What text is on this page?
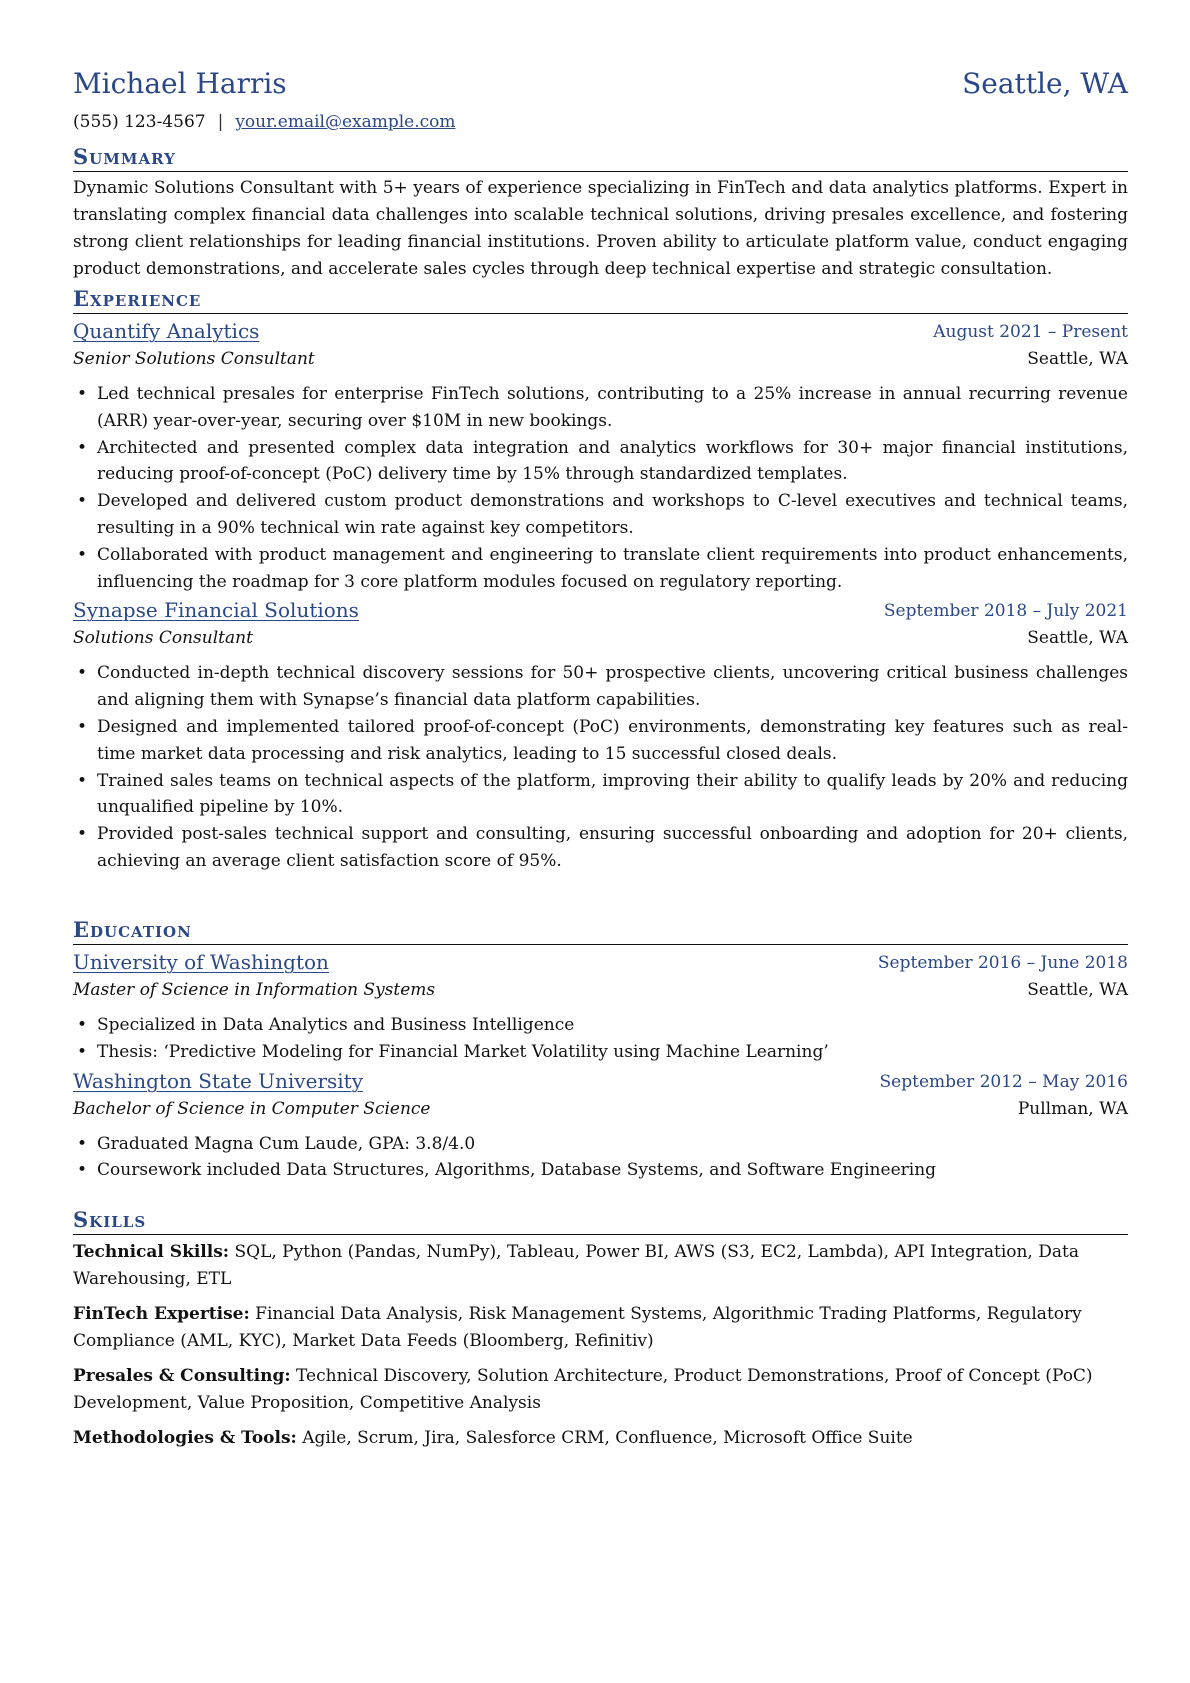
Michael Harris	Seattle, WA
(555) 123-4567 | your.email@example.com
Summary

Dynamic Solutions Consultant with 5+ years of experience specializing in FinTech and data analytics platforms. Expert in translating complex financial data challenges into scalable technical solutions, driving presales excellence, and fostering strong client relationships for leading financial institutions. Proven ability to articulate platform value, conduct engaging product demonstrations, and accelerate sales cycles through deep technical expertise and strategic consultation.

Experience
Quantify Analytics	August 2021 – Present
Senior Solutions Consultant	Seattle, WA
• Led technical presales for enterprise FinTech solutions, contributing to a 25% increase in annual recurring revenue (ARR) year-over-year, securing over $10M in new bookings.
• Architected and presented complex data integration and analytics workflows for 30+ major financial institutions, reducing proof-of-concept (PoC) delivery time by 15% through standardized templates.
• Developed and delivered custom product demonstrations and workshops to C-level executives and technical teams, resulting in a 90% technical win rate against key competitors.
• Collaborated with product management and engineering to translate client requirements into product enhancements, influencing the roadmap for 3 core platform modules focused on regulatory reporting.
Synapse Financial Solutions	September 2018 – July 2021
Solutions Consultant	Seattle, WA
• Conducted in-depth technical discovery sessions for 50+ prospective clients, uncovering critical business challenges and aligning them with Synapse’s financial data platform capabilities.
• Designed and implemented tailored proof-of-concept (PoC) environments, demonstrating key features such as real-time market data processing and risk analytics, leading to 15 successful closed deals.
• Trained sales teams on technical aspects of the platform, improving their ability to qualify leads by 20% and reducing unqualified pipeline by 10%.
• Provided post-sales technical support and consulting, ensuring successful onboarding and adoption for 20+ clients, achieving an average client satisfaction score of 95%.
Education
University of Washington	September 2016 – June 2018
Master of Science in Information Systems	Seattle, WA
• Specialized in Data Analytics and Business Intelligence
• Thesis: ‘Predictive Modeling for Financial Market Volatility using Machine Learning’
Washington State University	September 2012 – May 2016
Bachelor of Science in Computer Science	Pullman, WA
• Graduated Magna Cum Laude, GPA: 3.8/4.0
• Coursework included Data Structures, Algorithms, Database Systems, and Software Engineering
Skills

Technical Skills: SQL, Python (Pandas, NumPy), Tableau, Power BI, AWS (S3, EC2, Lambda), API Integration, Data Warehousing, ETL

FinTech Expertise: Financial Data Analysis, Risk Management Systems, Algorithmic Trading Platforms, Regulatory Compliance (AML, KYC), Market Data Feeds (Bloomberg, Refinitiv)

Presales & Consulting: Technical Discovery, Solution Architecture, Product Demonstrations, Proof of Concept (PoC) Development, Value Proposition, Competitive Analysis

Methodologies & Tools: Agile, Scrum, Jira, Salesforce CRM, Confluence, Microsoft Office Suite
